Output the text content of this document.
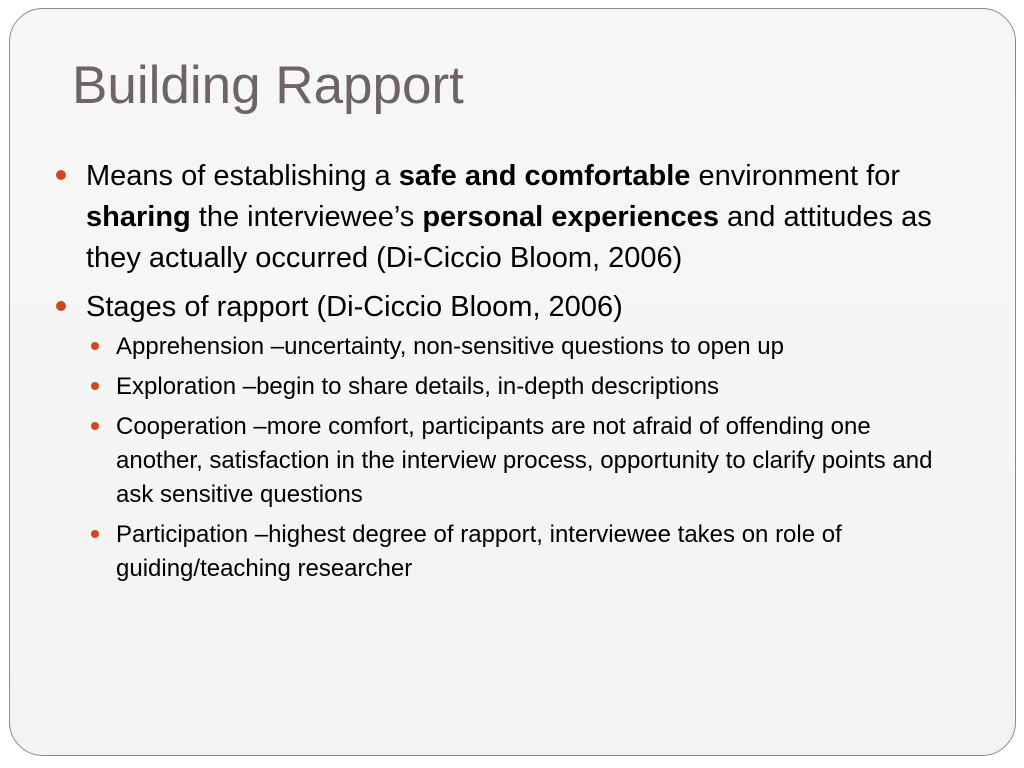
Building Rapport
Means of establishing a safe and comfortable environment for sharing the interviewee’s personal experiences and attitudes as they actually occurred (Di-Ciccio Bloom, 2006)
Stages of rapport (Di-Ciccio Bloom, 2006)
Apprehension –uncertainty, non-sensitive questions to open up
Exploration –begin to share details, in-depth descriptions
Cooperation –more comfort, participants are not afraid of offending one another, satisfaction in the interview process, opportunity to clarify points and ask sensitive questions
Participation –highest degree of rapport, interviewee takes on role of guiding/teaching researcher
